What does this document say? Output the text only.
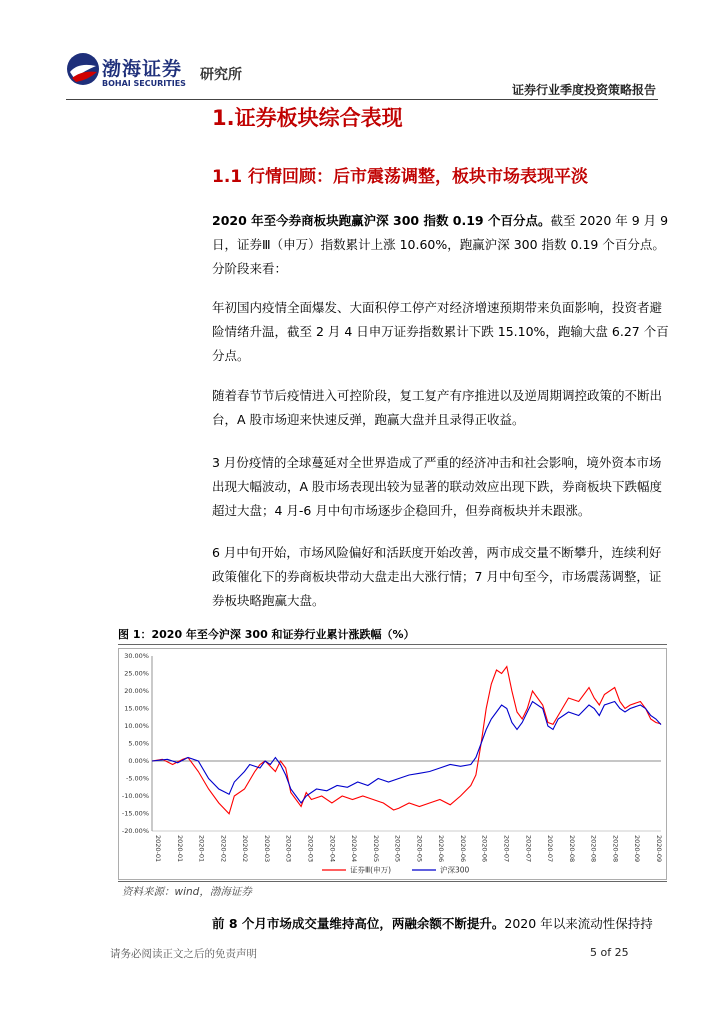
渤海证券
BOHAI SECURITIES
研究所
证券行业季度投资策略报告
1.证券板块综合表现
1.1 行情回顾：后市震荡调整，板块市场表现平淡

2020 年至今券商板块跑赢沪深 300 指数 0.19 个百分点。截至 2020 年 9 月 9 日，证券Ⅲ（申万）指数累计上涨 10.60%，跑赢沪深 300 指数 0.19 个百分点。分阶段来看：

年初国内疫情全面爆发、大面积停工停产对经济增速预期带来负面影响，投资者避险情绪升温，截至 2 月 4 日申万证券指数累计下跌 15.10%，跑输大盘 6.27 个百分点。

随着春节节后疫情进入可控阶段，复工复产有序推进以及逆周期调控政策的不断出台，A 股市场迎来快速反弹，跑赢大盘并且录得正收益。

3 月份疫情的全球蔓延对全世界造成了严重的经济冲击和社会影响，境外资本市场出现大幅波动，A 股市场表现出较为显著的联动效应出现下跌，券商板块下跌幅度超过大盘；4 月-6 月中旬市场逐步企稳回升，但券商板块并未跟涨。

6 月中旬开始，市场风险偏好和活跃度开始改善，两市成交量不断攀升，连续利好政策催化下的券商板块带动大盘走出大涨行情；7 月中旬至今，市场震荡调整，证券板块略跑赢大盘。

图 1：2020 年至今沪深 300 和证券行业累计涨跌幅（%）
30.00%
25.00%
20.00%
15.00%
10.00%
5.00%
0.00%
-5.00%
-10.00%
-15.00%
-20.00%
2020-01 2020-01 2020-01 2020-02 2020-02 2020-03 2020-03 2020-03 2020-04 2020-04 2020-05 2020-05 2020-05 2020-06 2020-06 2020-06 2020-07 2020-07 2020-07 2020-08 2020-08 2020-08 2020-09 2020-09
证券Ⅲ(申万)	沪深300
资料来源：wind，渤海证券

前 8 个月市场成交量维持高位，两融余额不断提升。2020 年以来流动性保持持

请务必阅读正文之后的免责声明	5 of 25
